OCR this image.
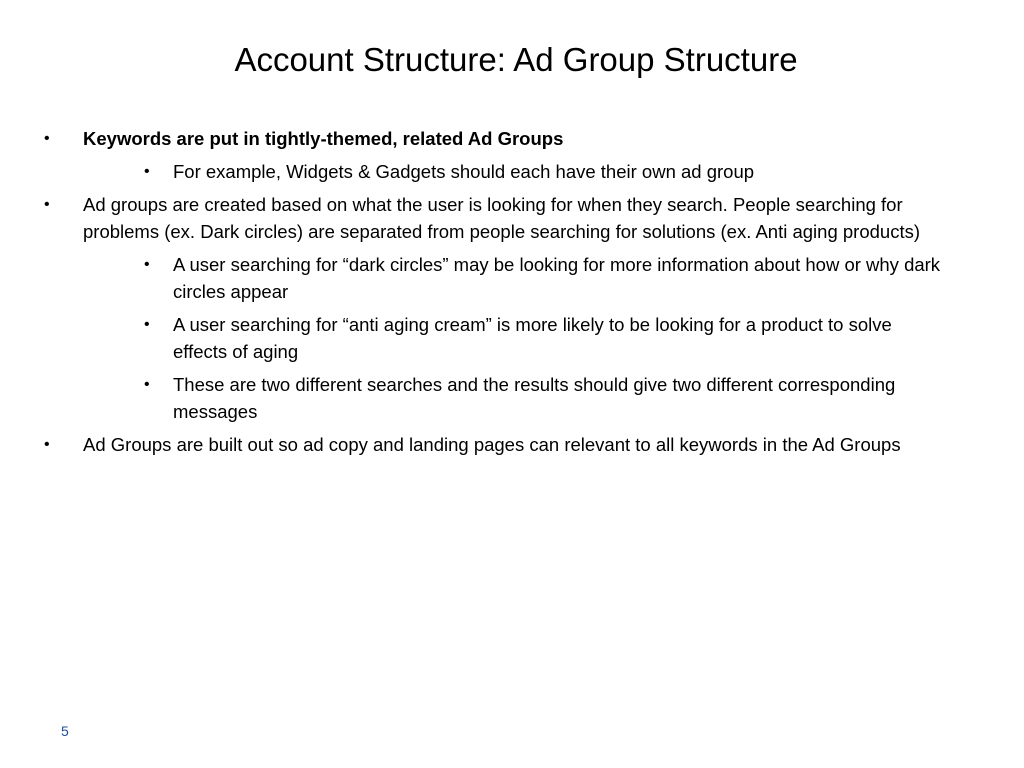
Account Structure: Ad Group Structure
• Keywords are put in tightly-themed, related Ad Groups
• For example, Widgets & Gadgets should each have their own ad group
• Ad groups are created based on what the user is looking for when they search. People searching for problems (ex. Dark circles) are separated from people searching for solutions (ex. Anti aging products)
• A user searching for “dark circles” may be looking for more information about how or why dark circles appear
• A user searching for “anti aging cream” is more likely to be looking for a product to solve effects of aging
• These are two different searches and the results should give two different corresponding messages
• Ad Groups are built out so ad copy and landing pages can relevant to all keywords in the Ad Groups
5
